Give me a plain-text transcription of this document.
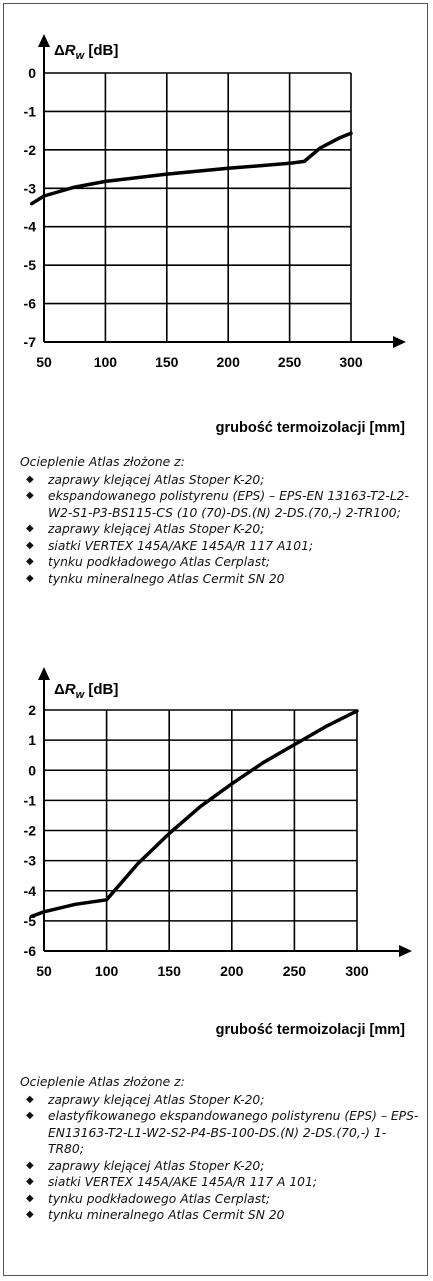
0
-1
-2
-3
-4
-5
-6
-7
50	100	150	200	250	300
$\Delta R_w$ [dB]
grubość termoizolacji [mm]

Ocieplenie Atlas złożone z:

◆ zaprawy klejącej Atlas Stoper K-20;
◆ ekspandowanego polistyrenu (EPS) – EPS-EN 13163-T2-L2-W2-S1-P3-BS115-CS (10 (70)-DS.(N) 2-DS.(70,-) 2-TR100;
◆ zaprawy klejącej Atlas Stoper K-20;
◆ siatki VERTEX 145A/AKE 145A/R 117 A101;
◆ tynku podkładowego Atlas Cerplast;
◆ tynku mineralnego Atlas Cermit SN 20
2
1
0
-1
-2
-3
-4
-5
-6
50	100	150	200	250	300
$\Delta R_w$ [dB]
grubość termoizolacji [mm]

Ocieplenie Atlas złożone z:

◆ zaprawy klejącej Atlas Stoper K-20;
◆ elastyfikowanego ekspandowanego polistyrenu (EPS) – EPS-EN13163-T2-L1-W2-S2-P4-BS-100-DS.(N) 2-DS.(70,-) 1-TR80;
◆ zaprawy klejącej Atlas Stoper K-20;
◆ siatki VERTEX 145A/AKE 145A/R 117 A 101;
◆ tynku podkładowego Atlas Cerplast;
◆ tynku mineralnego Atlas Cermit SN 20
